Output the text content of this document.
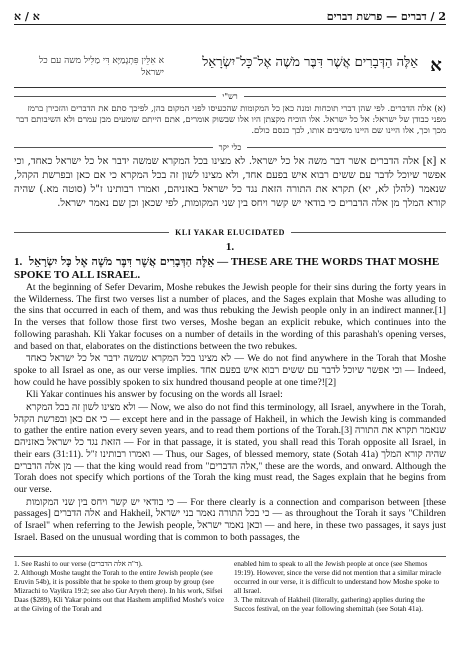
א / א	2 / דברים — פרשת דברים
א אִלֵּין פִּתְגָמַיָּא דִּי מַלִּיל משה עם כל ישראל
אֵלֶּה הַדְּבָרִים אֲשֶׁר דִּבֶּר מֹשֶׁה אֶל־כָּל־יִשְׂרָאֵל א
רש"י
(א) אלה הדברים. לפי שהן דברי תוכחות ומנה כאן כל המקומות שהכעיסו לפני המקום בהן, לפיכך סתם את הדברים והזכירן ברמז מפני כבודן של ישראל: אל כל ישראל. אלו הוכיח מקצתן היו אלו שבשוק אומרים, אתם הייתם שומעים מבן עמרם ולא השיבותם דבר מכך וכך, אלו היינו שם היינו משיבים אותו, לכך כנסם כולם.
כלי יקר
א [א] אלה הדברים אשר דבר משה אל כל ישראל. לא מצינו בכל המקרא שמשה ידבר אל כל ישראל כאחד, וכי אפשר שיוכל לדבר עם ששים רבוא איש בפעם אחד, ולא מצינו לשון זה בכל המקרא כי אם כאן ובפרשת הקהל, שנאמר (להלן לא, יא) תקרא את התורה הזאת נגד כל ישראל באזניהם, ואמרו רבותינו ז"ל (סוטה מא.) שהיה קורא המלך מן אלה הדברים כי בודאי יש קשר ויחס בין שני המקומות, לפי שכאן וכן שם נאמר ישראל.
KLI YAKAR ELUCIDATED
1.
1. אֵלֶּה הַדְּבָרִים אֲשֶׁר דִּבֶּר מֹשֶׁה אֶל כָּל יִשְׂרָאֵל — THESE ARE THE WORDS THAT MOSHE SPOKE TO ALL ISRAEL.

At the beginning of Sefer Devarim, Moshe rebukes the Jewish people for their sins during the forty years in the Wilderness. The first two verses list a number of places, and the Sages explain that Moshe was alluding to the sins that occurred in each of them, and was thus rebuking the Jewish people only in an indirect manner.[1] In the verses that follow those first two verses, Moshe began an explicit rebuke, which continues into the following parashah. Kli Yakar focuses on a number of details in the wording of this parashah's opening verses, and based on that, elaborates on the distinctions between the two rebukes.

לא מצינו בכל המקרא שמשה ידבר אל כל ישראל כאחד — We do not find anywhere in the Torah that Moshe spoke to all Israel as one, as our verse implies. וכי אפשר שיוכל לדבר עם ששים רבוא איש בפעם אחד — Indeed, how could he have possibly spoken to six hundred thousand people at one time?![2]

Kli Yakar continues his answer by focusing on the words all Israel:

ולא מצינו לשון זה בכל המקרא — Now, we also do not find this terminology, all Israel, anywhere in the Torah, כי אם כאן ובפרשת הקהל — except here and in the passage of Hakheil, in which the Jewish king is commanded to gather the entire nation every seven years, and to read them portions of the Torah.[3] שנאמר תקרא את התורה הזאת נגד כל ישראל באזניהם — For in that passage, it is stated, you shall read this Torah opposite all Israel, in their ears (31:11). ואמרו רבותינו ז"ל — Thus, our Sages, of blessed memory, state (Sotah 41a) שהיה קורא המלך מן אלה הדברים — that the king would read from "אלה הדברים," these are the words, and onward. Although the Torah does not specify which portions of the Torah the king must read, the Sages explain that he begins from our verse.

כי בודאי יש קשר ויחס בין שני המקומות — For there clearly is a connection and comparison between [these passages] אלה הדברים and Hakheil, כי בכל התורה נאמר בני ישראל — as throughout the Torah it says "Children of Israel" when referring to the Jewish people, וכאן נאמר ישראל — and here, in these two passages, it says just Israel. Based on the unusual wording that is common to both passages, the

1. See Rashi to our verse (ד"ה אלה הדברים).

2. Although Moshe taught the Torah to the entire Jewish people (see Eruvin 54b), it is possible that he spoke to them group by group (see Mizrachi to Vayikra 19:2; see also Gur Aryeh there). In his work, Sifsei Daas ($289), Kli Yakar points out that Hashem amplified Moshe's voice at the Giving of the Torah and

enabled him to speak to all the Jewish people at once (see Shemos 19:19). However, since the verse did not mention that a similar miracle occurred in our verse, it is difficult to understand how Moshe spoke to all Israel.

3. The mitzvah of Hakheil (literally, gathering) applies during the Succos festival, on the year following shemittah (see Sotah 41a).
